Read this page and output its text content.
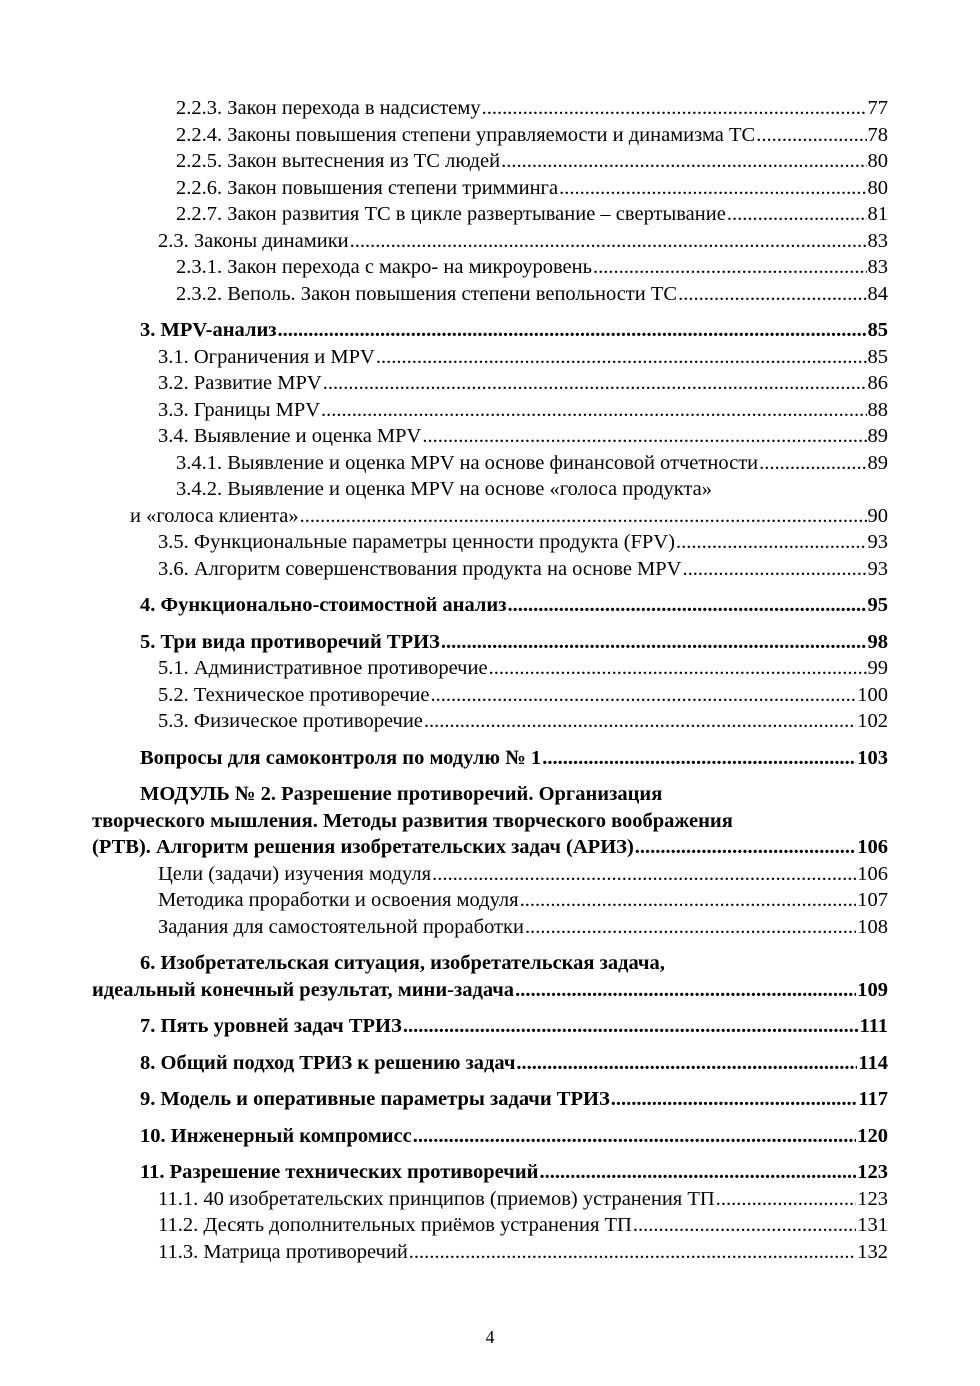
2.2.3. Закон перехода в надсистему .....	77
2.2.4. Законы повышения степени управляемости и динамизма ТС .....	78
2.2.5. Закон вытеснения из ТС людей .....	80
2.2.6. Закон повышения степени тримминга .....	80
2.2.7. Закон развития ТС в цикле развертывание – свертывание .....	81
2.3. Законы динамики .....	83
2.3.1. Закон перехода с макро- на микроуровень .....	83
2.3.2. Веполь. Закон повышения степени вепольности ТС .....	84
3. MPV-анализ .....	85
3.1. Ограничения и MPV .....	85
3.2. Развитие MPV .....	86
3.3. Границы MPV .....	88
3.4. Выявление и оценка MPV .....	89
3.4.1. Выявление и оценка MPV на основе финансовой отчетности .....	89
3.4.2. Выявление и оценка MPV на основе «голоса продукта»
и «голоса клиента» .....	90
3.5. Функциональные параметры ценности продукта (FPV) .....	93
3.6. Алгоритм совершенствования продукта на основе MPV .....	93
4. Функционально-стоимостной анализ .....	95
5. Три вида противоречий ТРИЗ .....	98
5.1. Административное противоречие .....	99
5.2. Техническое противоречие .....	100
5.3. Физическое противоречие .....	102
Вопросы для самоконтроля по модулю № 1 .....	103
МОДУЛЬ № 2. Разрешение противоречий. Организация
творческого мышления. Методы развития творческого воображения
(РТВ). Алгоритм решения изобретательских задач (АРИЗ) .....	106
Цели (задачи) изучения модуля .....	106
Методика проработки и освоения модуля .....	107
Задания для самостоятельной проработки .....	108
6. Изобретательская ситуация, изобретательская задача,
идеальный конечный результат, мини-задача .....	109
7. Пять уровней задач ТРИЗ .....	111
8. Общий подход ТРИЗ к решению задач .....	114
9. Модель и оперативные параметры задачи ТРИЗ .....	117
10. Инженерный компромисс .....	120
11. Разрешение технических противоречий .....	123
11.1. 40 изобретательских принципов (приемов) устранения ТП .....	123
11.2. Десять дополнительных приёмов устранения ТП .....	131
11.3. Матрица противоречий .....	132
4
